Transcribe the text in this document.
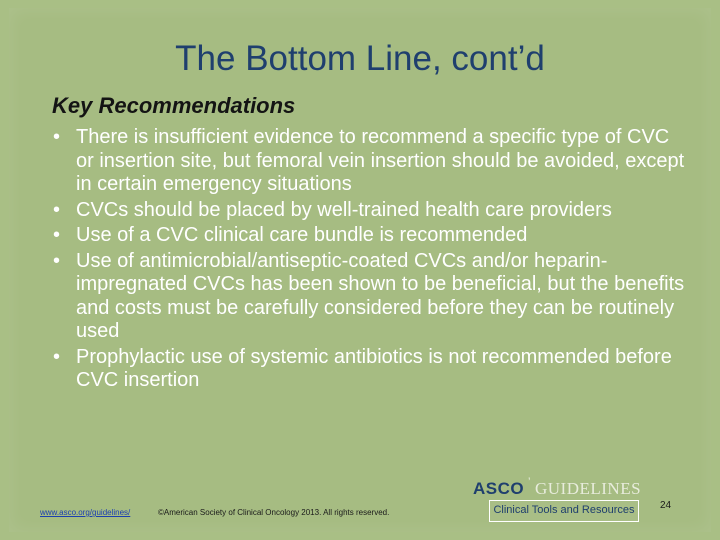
The Bottom Line, cont’d
Key Recommendations
• There is insufficient evidence to recommend a specific type of CVC or insertion site, but femoral vein insertion should be avoided, except in certain emergency situations
• CVCs should be placed by well-trained health care providers
• Use of a CVC clinical care bundle is recommended
• Use of antimicrobial/antiseptic-coated CVCs and/or heparin-impregnated CVCs has been shown to be beneficial, but the benefits and costs must be carefully considered before they can be routinely used
• Prophylactic use of systemic antibiotics is not recommended before CVC insertion
www.asco.org/guidelines/	©American Society of Clinical Oncology 2013. All rights reserved.
ASCO ’ GUIDELINES
Clinical Tools and Resources	24
